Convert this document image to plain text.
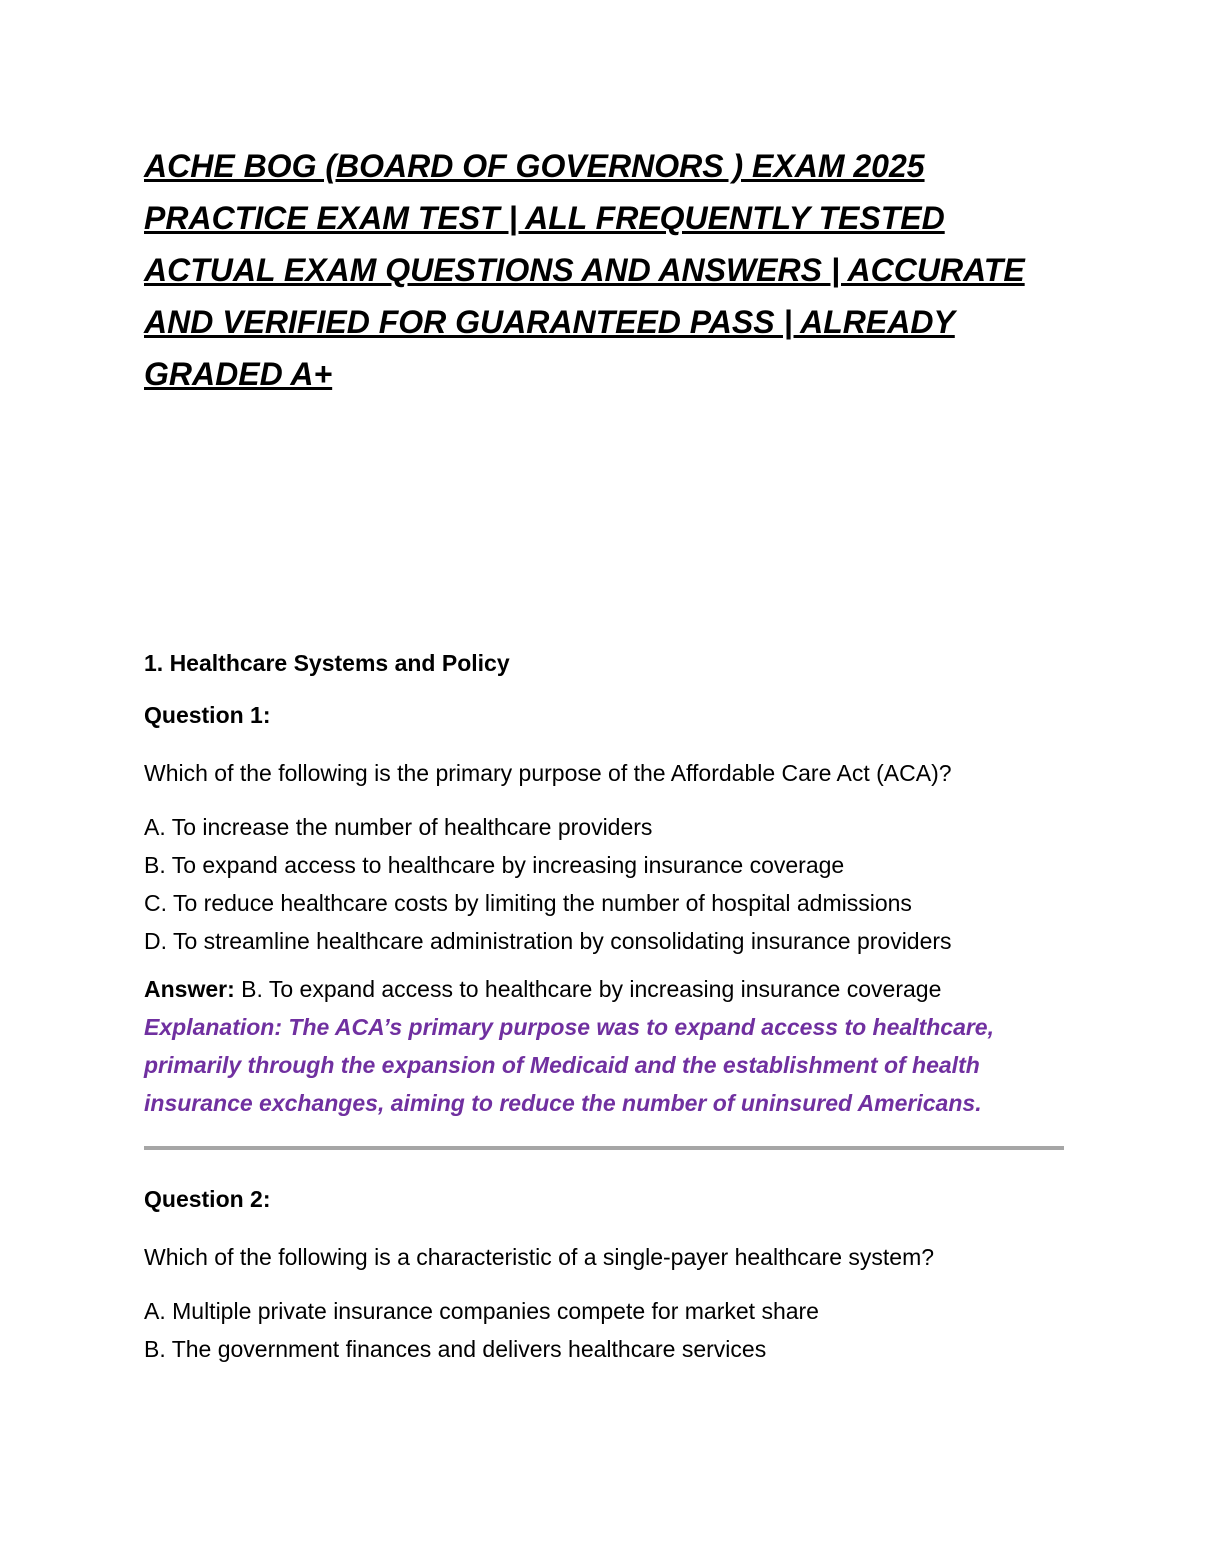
ACHE BOG (BOARD OF GOVERNORS ) EXAM 2025 PRACTICE EXAM TEST | ALL FREQUENTLY TESTED ACTUAL EXAM QUESTIONS AND ANSWERS | ACCURATE AND VERIFIED FOR GUARANTEED PASS | ALREADY GRADED A+
1. Healthcare Systems and Policy
Question 1:

Which of the following is the primary purpose of the Affordable Care Act (ACA)?

A. To increase the number of healthcare providers
B. To expand access to healthcare by increasing insurance coverage
C. To reduce healthcare costs by limiting the number of hospital admissions
D. To streamline healthcare administration by consolidating insurance providers

Answer: B. To expand access to healthcare by increasing insurance coverage

Explanation: The ACA’s primary purpose was to expand access to healthcare, primarily through the expansion of Medicaid and the establishment of health insurance exchanges, aiming to reduce the number of uninsured Americans.

Question 2:

Which of the following is a characteristic of a single-payer healthcare system?

A. Multiple private insurance companies compete for market share
B. The government finances and delivers healthcare services
